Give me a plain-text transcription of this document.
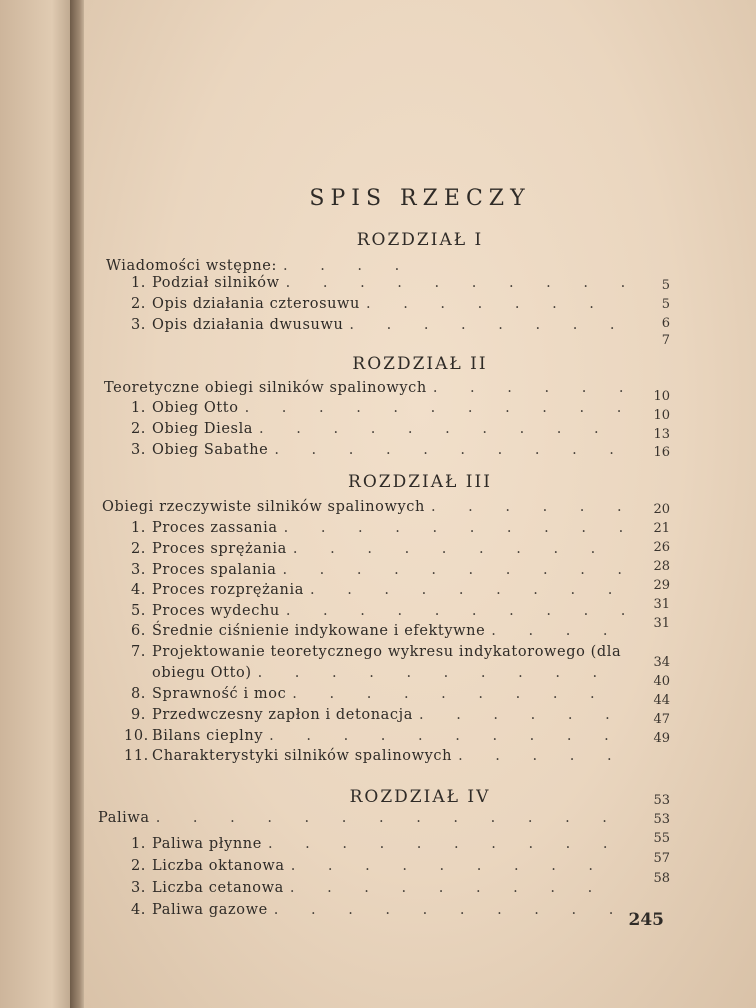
SPIS RZECZY
ROZDZIAŁ I
Wiadomości wstępne:
. . .
1. Podział silników
. . .
2. Opis działania czterosuwu
. . .
3. Opis działania dwusuwu
. . .
5
5
6
7
ROZDZIAŁ II
Teoretyczne obiegi silników spalinowych
. . .
1. Obieg Otto
. . .
2. Obieg Diesla
. . .
3. Obieg Sabathe
. . .
10
10
13
16
ROZDZIAŁ III
Obiegi rzeczywiste silników spalinowych
. . .
1. Proces zassania
. . .
2. Proces sprężania
. . .
3. Proces spalania
. . .
4. Proces rozprężania
. . .
5. Proces wydechu
. . .
6. Średnie ciśnienie indykowane i efektywne
. . .
7. Projektowanie teoretycznego wykresu indykatorowego (dla
obiegu Otto)
. . .
8. Sprawność i moc
. . .
9. Przedwczesny zapłon i detonacja
. . .
10. Bilans cieplny
. . .
11. Charakterystyki silników spalinowych
. . .
20
21
26
28
29
31
31
34
40
44
47
49
ROZDZIAŁ IV
Paliwa
. . .
1. Paliwa płynne
. . .
2. Liczba oktanowa
. . .
3. Liczba cetanowa
. . .
4. Paliwa gazowe
. . .
53
53
55
57
58
245
